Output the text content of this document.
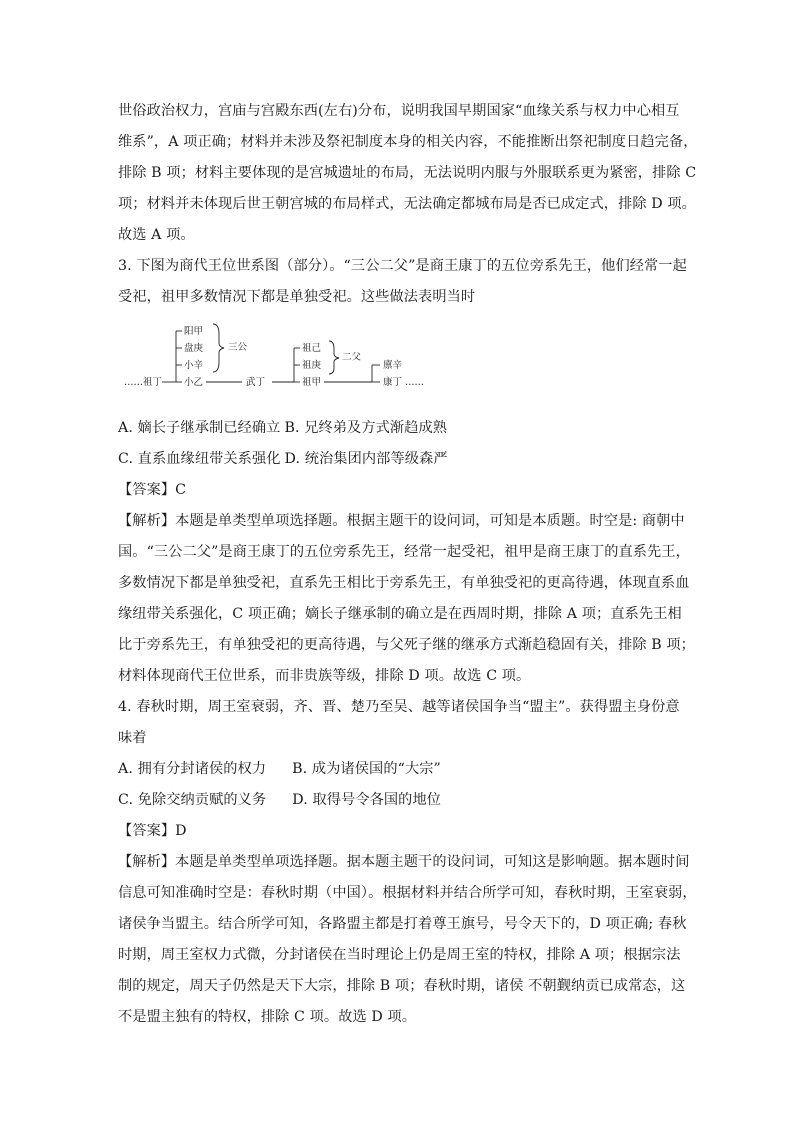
世俗政治权力，宫庙与宫殿东西(左右)分布，说明我国早期国家“血缘关系与权力中心相互

维系”，A 项正确；材料并未涉及祭祀制度本身的相关内容，不能推断出祭祀制度日趋完备，

排除 B 项；材料主要体现的是宫城遗址的布局，无法说明内服与外服联系更为紧密，排除 C

项；材料并未体现后世王朝宫城的布局样式，无法确定都城布局是否已成定式，排除 D 项。

故选 A 项。

3. 下图为商代王位世系图（部分）。“三公二父”是商王康丁的五位旁系先王，他们经常一起

受祀，祖甲多数情况下都是单独受祀。这些做法表明当时

……祖丁
阳甲
盘庚
小辛
小乙
三公
武丁
祖己
祖庚
祖甲
二父
廪辛
康丁 ……
A. 嫡长子继承制已经确立 B. 兄终弟及方式渐趋成熟
C. 直系血缘纽带关系强化 D. 统治集团内部等级森严

【答案】C

【解析】本题是单类型单项选择题。根据主题干的设问词，可知是本质题。时空是: 商朝中

国。“三公二父”是商王康丁的五位旁系先王，经常一起受祀，祖甲是商王康丁的直系先王，

多数情况下都是单独受祀，直系先王相比于旁系先王，有单独受祀的更高待遇，体现直系血

缘纽带关系强化，C 项正确；嫡长子继承制的确立是在西周时期，排除 A 项；直系先王相

比于旁系先王，有单独受祀的更高待遇，与父死子继的继承方式渐趋稳固有关，排除 B 项；

材料体现商代王位世系，而非贵族等级，排除 D 项。故选 C 项。

4. 春秋时期，周王室衰弱，齐、晋、楚乃至吴、越等诸侯国争当“盟主”。获得盟主身份意

味着

A. 拥有分封诸侯的权力 B. 成为诸侯国的“大宗”
C. 免除交纳贡赋的义务 D. 取得号令各国的地位

【答案】D

【解析】本题是单类型单项选择题。据本题主题干的设问词，可知这是影响题。据本题时间

信息可知准确时空是：春秋时期（中国）。根据材料并结合所学可知，春秋时期，王室衰弱，

诸侯争当盟主。结合所学可知，各路盟主都是打着尊王旗号，号令天下的，D 项正确; 春秋

时期，周王室权力式微，分封诸侯在当时理论上仍是周王室的特权，排除 A 项；根据宗法

制的规定，周天子仍然是天下大宗，排除 B 项；春秋时期，诸侯 不朝觐纳贡已成常态，这

不是盟主独有的特权，排除 C 项。故选 D 项。
